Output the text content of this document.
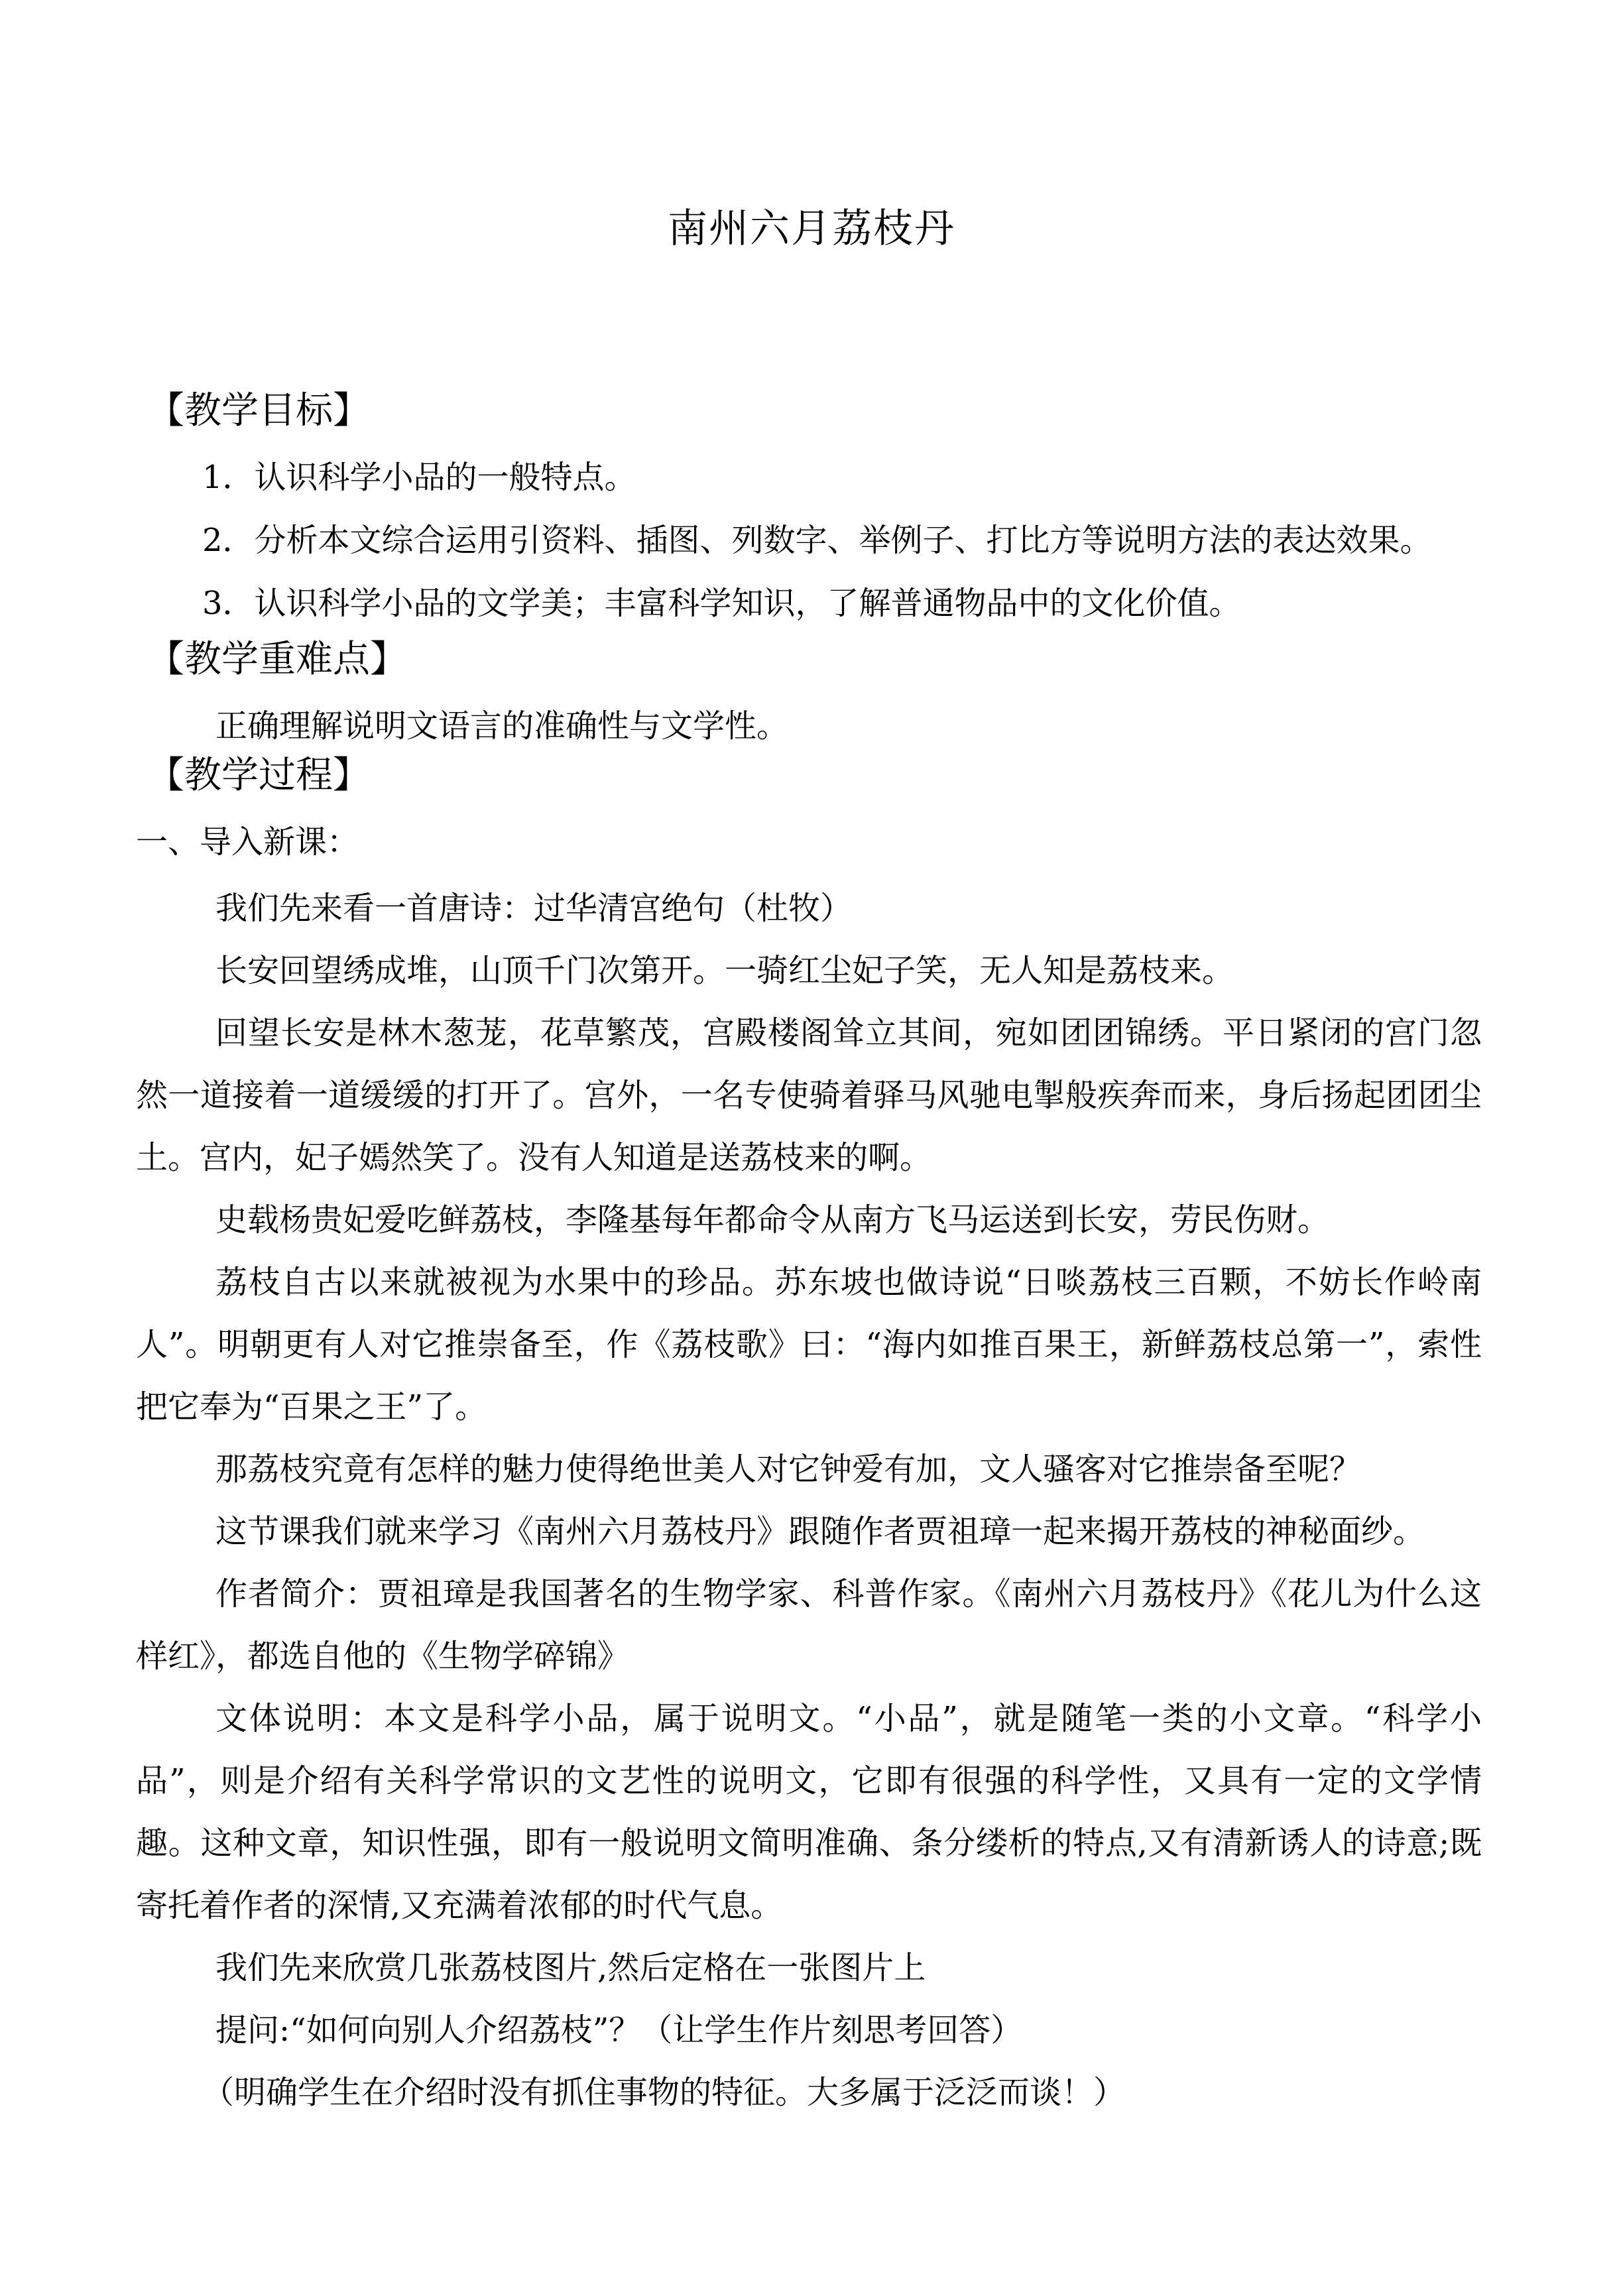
南州六月荔枝丹
【教学目标】
1．认识科学小品的一般特点。
2．分析本文综合运用引资料、插图、列数字、举例子、打比方等说明方法的表达效果。
3．认识科学小品的文学美；丰富科学知识，了解普通物品中的文化价值。
【教学重难点】
正确理解说明文语言的准确性与文学性。
【教学过程】
一、导入新课：
我们先来看一首唐诗：过华清宫绝句（杜牧）
长安回望绣成堆，山顶千门次第开。一骑红尘妃子笑，无人知是荔枝来。
回望长安是林木葱茏，花草繁茂，宫殿楼阁耸立其间，宛如团团锦绣。平日紧闭的宫门忽然一道接着一道缓缓的打开了。宫外，一名专使骑着驿马风驰电掣般疾奔而来，身后扬起团团尘土。宫内，妃子嫣然笑了。没有人知道是送荔枝来的啊。
史载杨贵妃爱吃鲜荔枝，李隆基每年都命令从南方飞马运送到长安，劳民伤财。
荔枝自古以来就被视为水果中的珍品。苏东坡也做诗说“日啖荔枝三百颗，不妨长作岭南人”。明朝更有人对它推崇备至，作《荔枝歌》曰：“海内如推百果王，新鲜荔枝总第一”，索性把它奉为“百果之王”了。
那荔枝究竟有怎样的魅力使得绝世美人对它钟爱有加，文人骚客对它推崇备至呢？
这节课我们就来学习《南州六月荔枝丹》跟随作者贾祖璋一起来揭开荔枝的神秘面纱。
作者简介：贾祖璋是我国著名的生物学家、科普作家。《南州六月荔枝丹》《花儿为什么这样红》，都选自他的《生物学碎锦》
文体说明：本文是科学小品，属于说明文。“小品”，就是随笔一类的小文章。“科学小品”，则是介绍有关科学常识的文艺性的说明文，它即有很强的科学性，又具有一定的文学情趣。这种文章，知识性强，即有一般说明文简明准确、条分缕析的特点,又有清新诱人的诗意;既寄托着作者的深情,又充满着浓郁的时代气息。
我们先来欣赏几张荔枝图片,然后定格在一张图片上
提问:“如何向别人介绍荔枝”？（让学生作片刻思考回答）
（明确学生在介绍时没有抓住事物的特征。大多属于泛泛而谈！）
